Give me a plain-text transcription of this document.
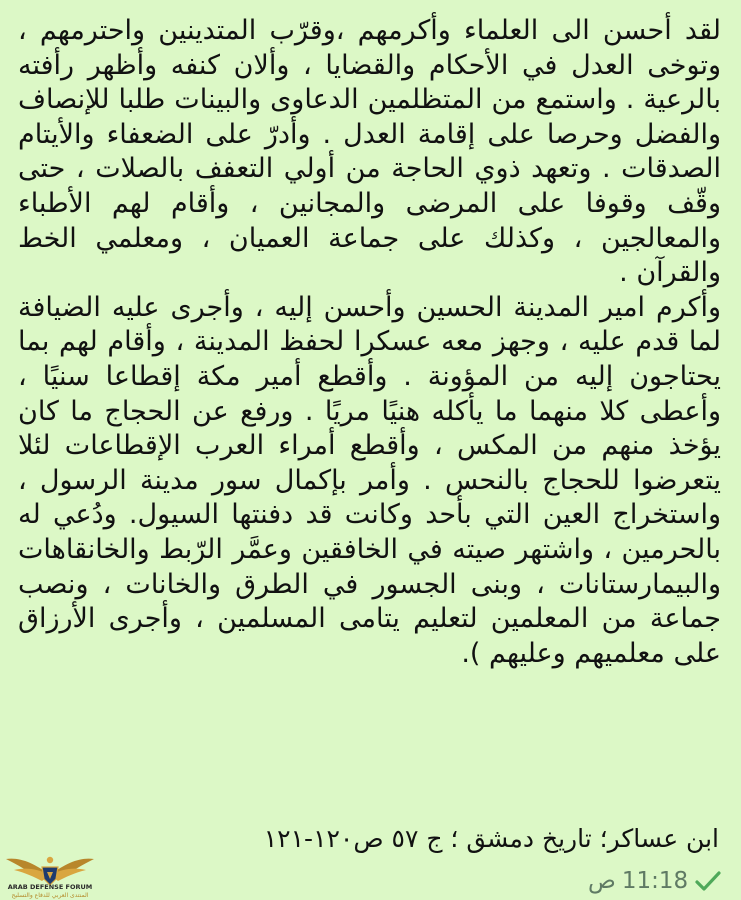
لقد أحسن الى العلماء وأكرمهم ،وقرّب المتدينين واحترمهم ، وتوخى العدل في الأحكام والقضايا ، وألان كنفه وأظهر رأفته بالرعية . واستمع من المتظلمين الدعاوى والبينات طلبا للإنصاف والفضل وحرصا على إقامة العدل . وأدرّ على الضعفاء والأيتام الصدقات . وتعهد ذوي الحاجة من أولي التعفف بالصلات ، حتى وقّف وقوفا على المرضى والمجانين ، وأقام لهم الأطباء والمعالجين ، وكذلك على جماعة العميان ، ومعلمي الخط والقرآن .

وأكرم امير المدينة الحسين وأحسن إليه ، وأجرى عليه الضيافة لما قدم عليه ، وجهز معه عسكرا لحفظ المدينة ، وأقام لهم بما يحتاجون إليه من المؤونة . وأقطع أمير مكة إقطاعا سنيًا ، وأعطى كلا منهما ما يأكله هنيًا مريًا . ورفع عن الحجاج ما كان يؤخذ منهم من المكس ، وأقطع أمراء العرب الإقطاعات لئلا يتعرضوا للحجاج بالنحس . وأمر بإكمال سور مدينة الرسول ، واستخراج العين التي بأحد وكانت قد دفنتها السيول. ودُعي له بالحرمين ، واشتهر صيته في الخافقين وعمَّر الرّبط والخانقاهات والبيمارستانات ، وبنى الجسور في الطرق والخانات ، ونصب جماعة من المعلمين لتعليم يتامى المسلمين ، وأجرى الأرزاق على معلميهم وعليهم ).

ابن عساكر؛ تاريخ دمشق ؛ ج ٥٧ ص١٢٠-١٢١
ص 11:18
ARAB DEFENSE FORUM
المنتدى العربي للدفاع والتسليح
